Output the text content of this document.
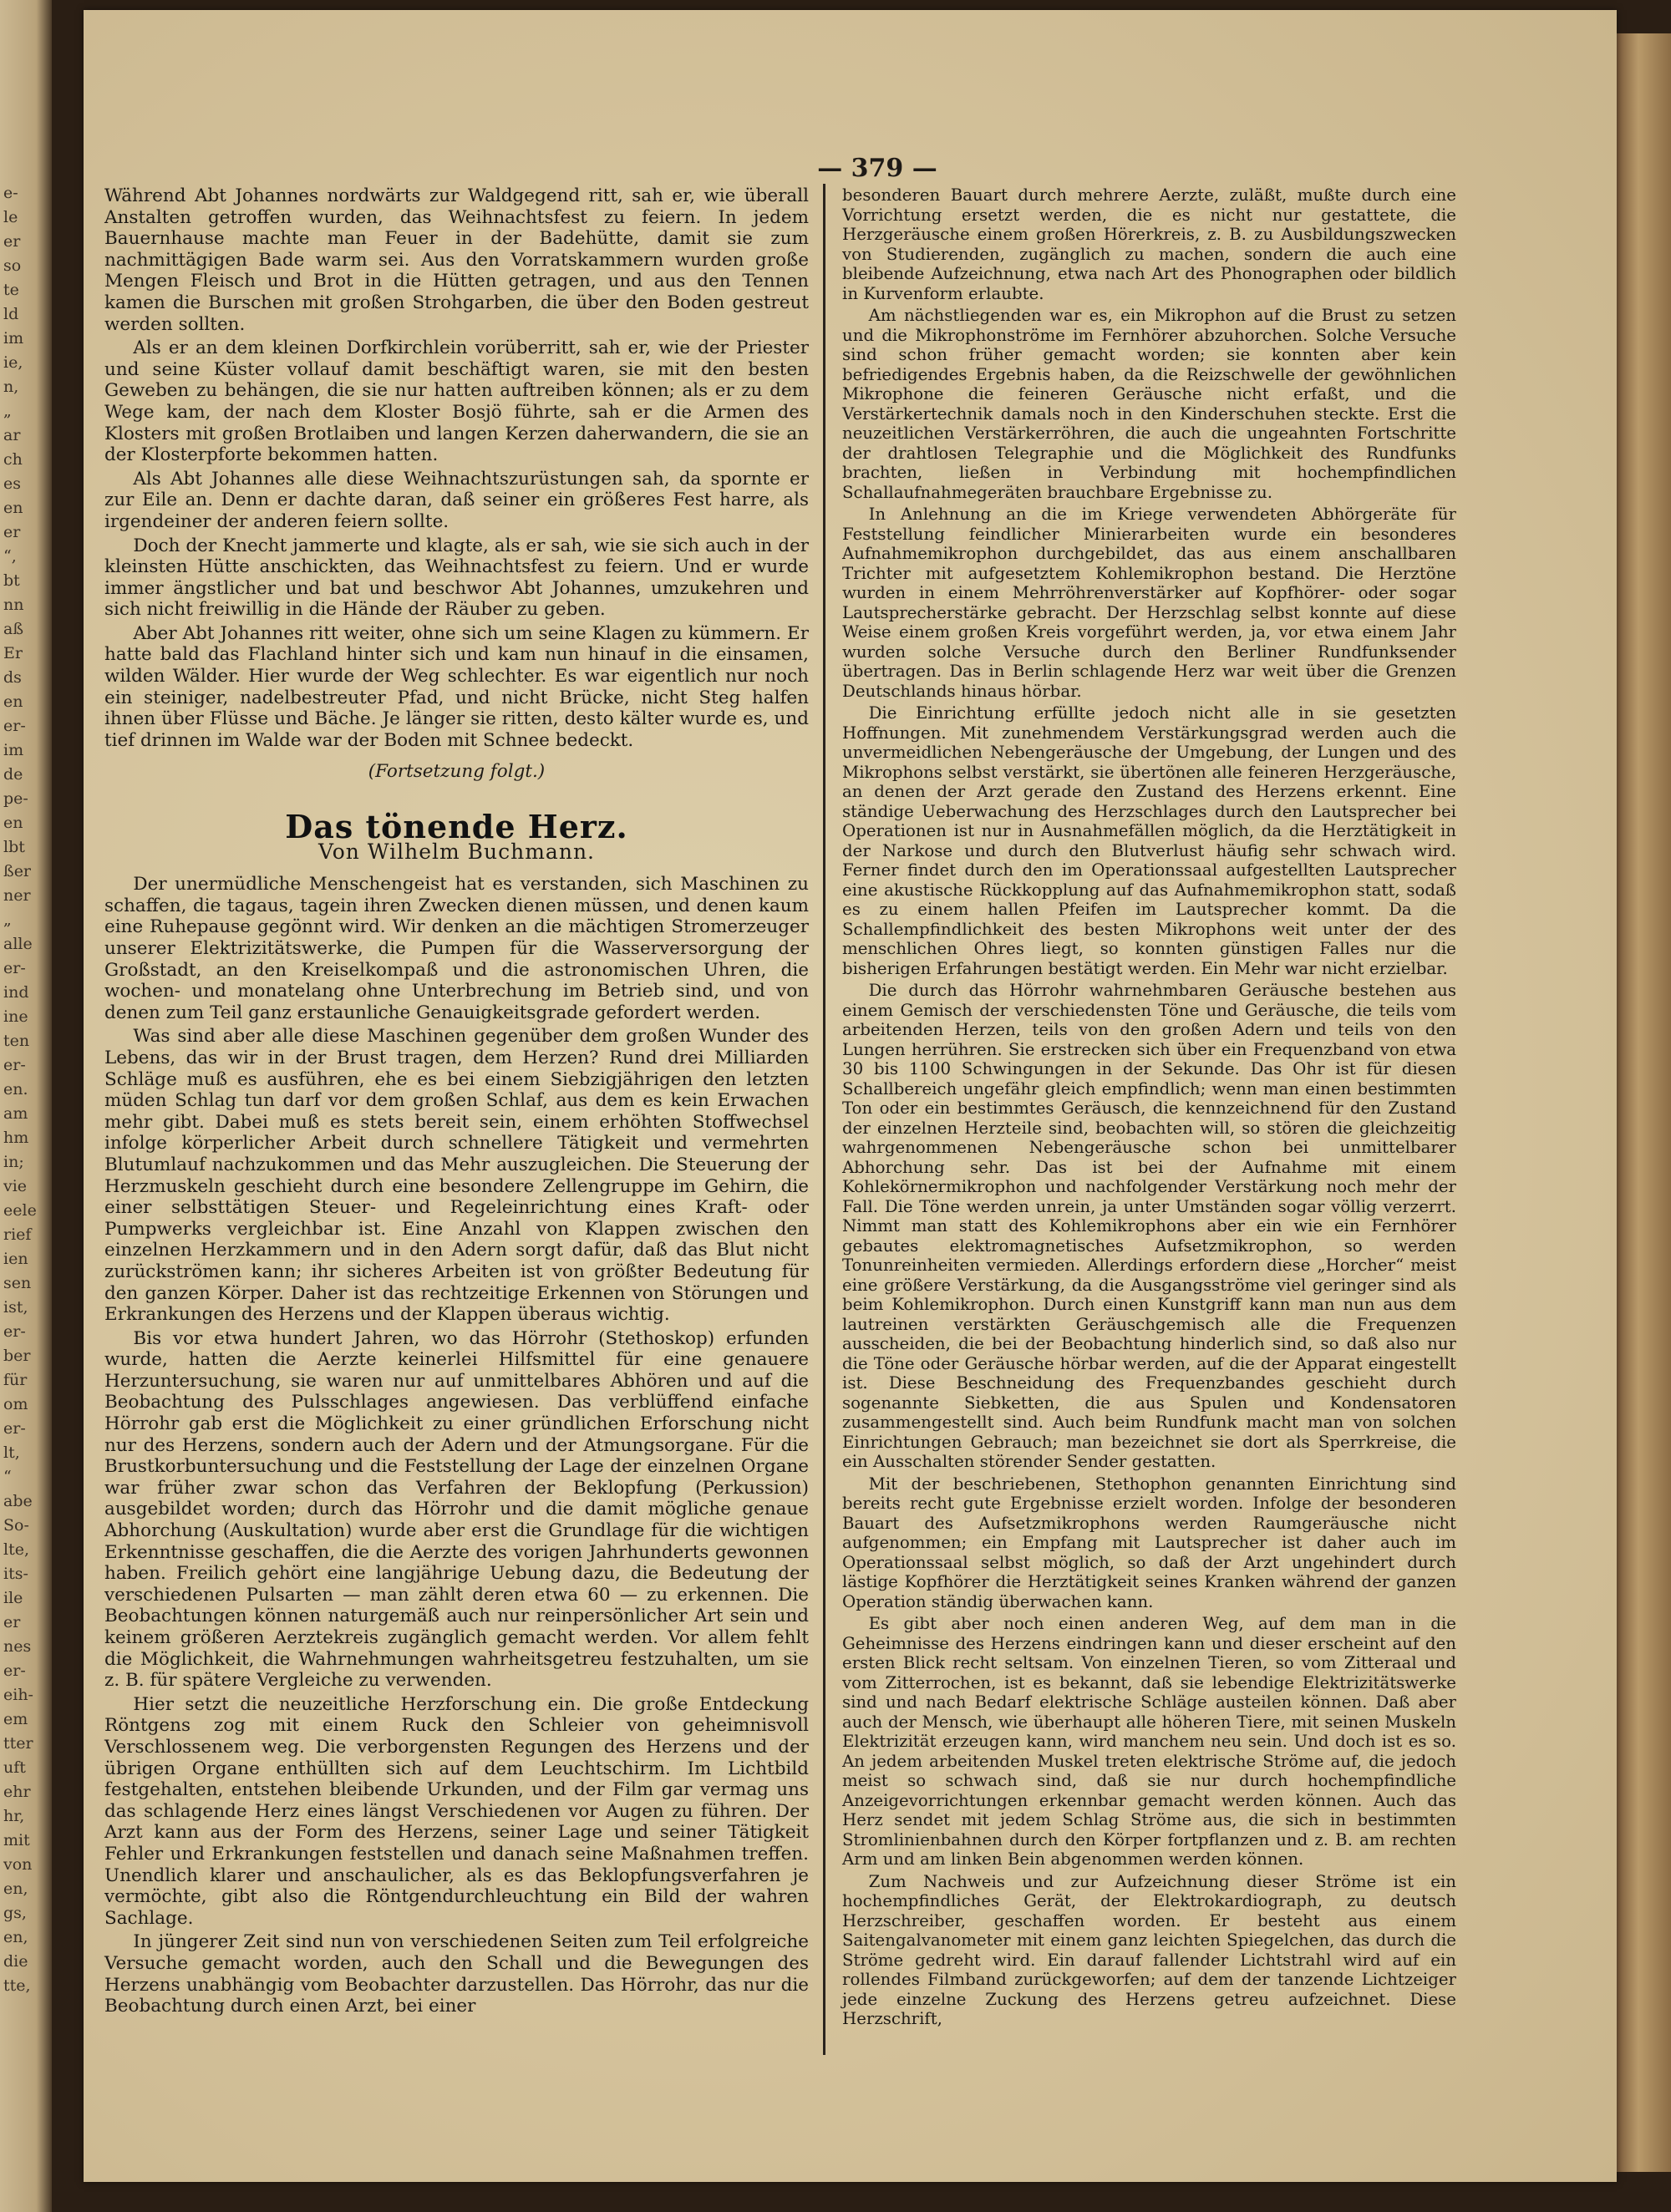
e-
le
er
so
te
ld
im
ie,
n,
„
ar
ch
es
en
er
“,
bt
nn
aß
Er
ds
en
er-
im
de
pe-
en
lbt
ßer
ner
„
alle
er-
ind
ine
ten
er-
en.
am
hm
in;
vie
eele
rief
ien
sen
ist,
er-
ber
für
om
er-
lt,
“
abe
So-
lte,
its-
ile
er
nes
er-
eih-
em
tter
uft
ehr
hr,
mit
von
en,
gs,
en,
die
tte,
— 379 —

Während Abt Johannes nordwärts zur Waldgegend ritt, sah er, wie überall Anstalten getroffen wurden, das Weihnachtsfest zu feiern. In jedem Bauernhause machte man Feuer in der Badehütte, damit sie zum nachmittägigen Bade warm sei. Aus den Vorratskammern wurden große Mengen Fleisch und Brot in die Hütten getragen, und aus den Tennen kamen die Burschen mit großen Strohgarben, die über den Boden gestreut werden sollten.

Als er an dem kleinen Dorfkirchlein vorüberritt, sah er, wie der Priester und seine Küster vollauf damit beschäftigt waren, sie mit den besten Geweben zu behängen, die sie nur hatten auftreiben können; als er zu dem Wege kam, der nach dem Kloster Bosjö führte, sah er die Armen des Klosters mit großen Brotlaiben und langen Kerzen daherwandern, die sie an der Klosterpforte bekommen hatten.

Als Abt Johannes alle diese Weihnachtszurüstungen sah, da spornte er zur Eile an. Denn er dachte daran, daß seiner ein größeres Fest harre, als irgendeiner der anderen feiern sollte.

Doch der Knecht jammerte und klagte, als er sah, wie sie sich auch in der kleinsten Hütte anschickten, das Weihnachtsfest zu feiern. Und er wurde immer ängstlicher und bat und beschwor Abt Johannes, umzukehren und sich nicht freiwillig in die Hände der Räuber zu geben.

Aber Abt Johannes ritt weiter, ohne sich um seine Klagen zu kümmern. Er hatte bald das Flachland hinter sich und kam nun hinauf in die einsamen, wilden Wälder. Hier wurde der Weg schlechter. Es war eigentlich nur noch ein steiniger, nadelbestreuter Pfad, und nicht Brücke, nicht Steg halfen ihnen über Flüsse und Bäche. Je länger sie ritten, desto kälter wurde es, und tief drinnen im Walde war der Boden mit Schnee bedeckt.

(Fortsetzung folgt.)

Das tönende Herz.

Von Wilhelm Buchmann.

Der unermüdliche Menschengeist hat es verstanden, sich Maschinen zu schaffen, die tagaus, tagein ihren Zwecken dienen müssen, und denen kaum eine Ruhepause gegönnt wird. Wir denken an die mächtigen Stromerzeuger unserer Elektrizitätswerke, die Pumpen für die Wasserversorgung der Großstadt, an den Kreiselkompaß und die astronomischen Uhren, die wochen- und monatelang ohne Unterbrechung im Betrieb sind, und von denen zum Teil ganz erstaunliche Genauigkeitsgrade gefordert werden.

Was sind aber alle diese Maschinen gegenüber dem großen Wunder des Lebens, das wir in der Brust tragen, dem Herzen? Rund drei Milliarden Schläge muß es ausführen, ehe es bei einem Siebzigjährigen den letzten müden Schlag tun darf vor dem großen Schlaf, aus dem es kein Erwachen mehr gibt. Dabei muß es stets bereit sein, einem erhöhten Stoffwechsel infolge körperlicher Arbeit durch schnellere Tätigkeit und vermehrten Blutumlauf nachzukommen und das Mehr auszugleichen. Die Steuerung der Herzmuskeln geschieht durch eine besondere Zellengruppe im Gehirn, die einer selbsttätigen Steuer- und Regeleinrichtung eines Kraft- oder Pumpwerks vergleichbar ist. Eine Anzahl von Klappen zwischen den einzelnen Herzkammern und in den Adern sorgt dafür, daß das Blut nicht zurückströmen kann; ihr sicheres Arbeiten ist von größter Bedeutung für den ganzen Körper. Daher ist das rechtzeitige Erkennen von Störungen und Erkrankungen des Herzens und der Klappen überaus wichtig.

Bis vor etwa hundert Jahren, wo das Hörrohr (Stethoskop) erfunden wurde, hatten die Aerzte keinerlei Hilfsmittel für eine genauere Herzuntersuchung, sie waren nur auf unmittelbares Abhören und auf die Beobachtung des Pulsschlages angewiesen. Das verblüffend einfache Hörrohr gab erst die Möglichkeit zu einer gründlichen Erforschung nicht nur des Herzens, sondern auch der Adern und der Atmungsorgane. Für die Brustkorbuntersuchung und die Feststellung der Lage der einzelnen Organe war früher zwar schon das Verfahren der Beklopfung (Perkussion) ausgebildet worden; durch das Hörrohr und die damit mögliche genaue Abhorchung (Auskultation) wurde aber erst die Grundlage für die wichtigen Erkenntnisse geschaffen, die die Aerzte des vorigen Jahrhunderts gewonnen haben. Freilich gehört eine langjährige Uebung dazu, die Bedeutung der verschiedenen Pulsarten — man zählt deren etwa 60 — zu erkennen. Die Beobachtungen können naturgemäß auch nur reinpersönlicher Art sein und keinem größeren Aerztekreis zugänglich gemacht werden. Vor allem fehlt die Möglichkeit, die Wahrnehmungen wahrheitsgetreu festzuhalten, um sie z. B. für spätere Vergleiche zu verwenden.

Hier setzt die neuzeitliche Herzforschung ein. Die große Entdeckung Röntgens zog mit einem Ruck den Schleier von geheimnisvoll Verschlossenem weg. Die verborgensten Regungen des Herzens und der übrigen Organe enthüllten sich auf dem Leuchtschirm. Im Lichtbild festgehalten, entstehen bleibende Urkunden, und der Film gar vermag uns das schlagende Herz eines längst Verschiedenen vor Augen zu führen. Der Arzt kann aus der Form des Herzens, seiner Lage und seiner Tätigkeit Fehler und Erkrankungen feststellen und danach seine Maßnahmen treffen. Unendlich klarer und anschaulicher, als es das Beklopfungsverfahren je vermöchte, gibt also die Röntgendurchleuchtung ein Bild der wahren Sachlage.

In jüngerer Zeit sind nun von verschiedenen Seiten zum Teil erfolgreiche Versuche gemacht worden, auch den Schall und die Bewegungen des Herzens unabhängig vom Beobachter darzustellen. Das Hörrohr, das nur die Beobachtung durch einen Arzt, bei einer

besonderen Bauart durch mehrere Aerzte, zuläßt, mußte durch eine Vorrichtung ersetzt werden, die es nicht nur gestattete, die Herzgeräusche einem großen Hörerkreis, z. B. zu Ausbildungszwecken von Studierenden, zugänglich zu machen, sondern die auch eine bleibende Aufzeichnung, etwa nach Art des Phonographen oder bildlich in Kurvenform erlaubte.

Am nächstliegenden war es, ein Mikrophon auf die Brust zu setzen und die Mikrophonströme im Fernhörer abzuhorchen. Solche Versuche sind schon früher gemacht worden; sie konnten aber kein befriedigendes Ergebnis haben, da die Reizschwelle der gewöhnlichen Mikrophone die feineren Geräusche nicht erfaßt, und die Verstärkertechnik damals noch in den Kinderschuhen steckte. Erst die neuzeitlichen Verstärkerröhren, die auch die ungeahnten Fortschritte der drahtlosen Telegraphie und die Möglichkeit des Rundfunks brachten, ließen in Verbindung mit hochempfindlichen Schallaufnahmegeräten brauchbare Ergebnisse zu.

In Anlehnung an die im Kriege verwendeten Abhörgeräte für Feststellung feindlicher Minierarbeiten wurde ein besonderes Aufnahmemikrophon durchgebildet, das aus einem anschallbaren Trichter mit aufgesetztem Kohlemikrophon bestand. Die Herztöne wurden in einem Mehrröhrenverstärker auf Kopfhörer- oder sogar Lautsprecherstärke gebracht. Der Herzschlag selbst konnte auf diese Weise einem großen Kreis vorgeführt werden, ja, vor etwa einem Jahr wurden solche Versuche durch den Berliner Rundfunksender übertragen. Das in Berlin schlagende Herz war weit über die Grenzen Deutschlands hinaus hörbar.

Die Einrichtung erfüllte jedoch nicht alle in sie gesetzten Hoffnungen. Mit zunehmendem Verstärkungsgrad werden auch die unvermeidlichen Nebengeräusche der Umgebung, der Lungen und des Mikrophons selbst verstärkt, sie übertönen alle feineren Herzgeräusche, an denen der Arzt gerade den Zustand des Herzens erkennt. Eine ständige Ueberwachung des Herzschlages durch den Lautsprecher bei Operationen ist nur in Ausnahmefällen möglich, da die Herztätigkeit in der Narkose und durch den Blutverlust häufig sehr schwach wird. Ferner findet durch den im Operationssaal aufgestellten Lautsprecher eine akustische Rückkopplung auf das Aufnahmemikrophon statt, sodaß es zu einem hallen Pfeifen im Lautsprecher kommt. Da die Schallempfindlichkeit des besten Mikrophons weit unter der des menschlichen Ohres liegt, so konnten günstigen Falles nur die bisherigen Erfahrungen bestätigt werden. Ein Mehr war nicht erzielbar.

Die durch das Hörrohr wahrnehmbaren Geräusche bestehen aus einem Gemisch der verschiedensten Töne und Geräusche, die teils vom arbeitenden Herzen, teils von den großen Adern und teils von den Lungen herrühren. Sie erstrecken sich über ein Frequenzband von etwa 30 bis 1100 Schwingungen in der Sekunde. Das Ohr ist für diesen Schallbereich ungefähr gleich empfindlich; wenn man einen bestimmten Ton oder ein bestimmtes Geräusch, die kennzeichnend für den Zustand der einzelnen Herzteile sind, beobachten will, so stören die gleichzeitig wahrgenommenen Nebengeräusche schon bei unmittelbarer Abhorchung sehr. Das ist bei der Aufnahme mit einem Kohlekörnermikrophon und nachfolgender Verstärkung noch mehr der Fall. Die Töne werden unrein, ja unter Umständen sogar völlig verzerrt. Nimmt man statt des Kohlemikrophons aber ein wie ein Fernhörer gebautes elektromagnetisches Aufsetzmikrophon, so werden Tonunreinheiten vermieden. Allerdings erfordern diese „Horcher“ meist eine größere Verstärkung, da die Ausgangsströme viel geringer sind als beim Kohlemikrophon. Durch einen Kunstgriff kann man nun aus dem lautreinen verstärkten Geräuschgemisch alle die Frequenzen ausscheiden, die bei der Beobachtung hinderlich sind, so daß also nur die Töne oder Geräusche hörbar werden, auf die der Apparat eingestellt ist. Diese Beschneidung des Frequenzbandes geschieht durch sogenannte Siebketten, die aus Spulen und Kondensatoren zusammengestellt sind. Auch beim Rundfunk macht man von solchen Einrichtungen Gebrauch; man bezeichnet sie dort als Sperrkreise, die ein Ausschalten störender Sender gestatten.

Mit der beschriebenen, Stethophon genannten Einrichtung sind bereits recht gute Ergebnisse erzielt worden. Infolge der besonderen Bauart des Aufsetzmikrophons werden Raumgeräusche nicht aufgenommen; ein Empfang mit Lautsprecher ist daher auch im Operationssaal selbst möglich, so daß der Arzt ungehindert durch lästige Kopfhörer die Herztätigkeit seines Kranken während der ganzen Operation ständig überwachen kann.

Es gibt aber noch einen anderen Weg, auf dem man in die Geheimnisse des Herzens eindringen kann und dieser erscheint auf den ersten Blick recht seltsam. Von einzelnen Tieren, so vom Zitteraal und vom Zitterrochen, ist es bekannt, daß sie lebendige Elektrizitätswerke sind und nach Bedarf elektrische Schläge austeilen können. Daß aber auch der Mensch, wie überhaupt alle höheren Tiere, mit seinen Muskeln Elektrizität erzeugen kann, wird manchem neu sein. Und doch ist es so. An jedem arbeitenden Muskel treten elektrische Ströme auf, die jedoch meist so schwach sind, daß sie nur durch hochempfindliche Anzeigevorrichtungen erkennbar gemacht werden können. Auch das Herz sendet mit jedem Schlag Ströme aus, die sich in bestimmten Stromlinienbahnen durch den Körper fortpflanzen und z. B. am rechten Arm und am linken Bein abgenommen werden können.

Zum Nachweis und zur Aufzeichnung dieser Ströme ist ein hochempfindliches Gerät, der Elektrokardiograph, zu deutsch Herzschreiber, geschaffen worden. Er besteht aus einem Saitengalvanometer mit einem ganz leichten Spiegelchen, das durch die Ströme gedreht wird. Ein darauf fallender Lichtstrahl wird auf ein rollendes Filmband zurückgeworfen; auf dem der tanzende Lichtzeiger jede einzelne Zuckung des Herzens getreu aufzeichnet. Diese Herzschrift,
